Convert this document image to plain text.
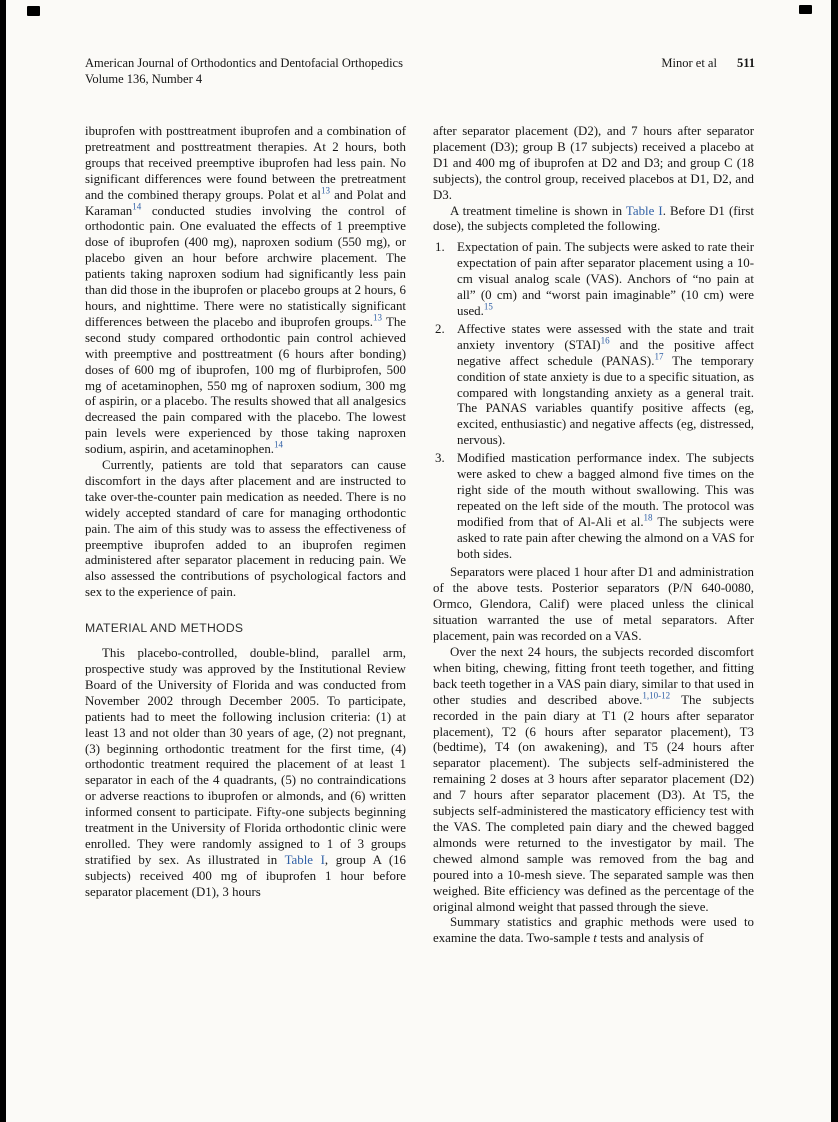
American Journal of Orthodontics and Dentofacial Orthopedics
Volume 136, Number 4
Minor et al 511

ibuprofen with posttreatment ibuprofen and a combination of pretreatment and posttreatment therapies. At 2 hours, both groups that received preemptive ibuprofen had less pain. No significant differences were found between the pretreatment and the combined therapy groups. Polat et al$^{13}$ and Polat and Karaman$^{14}$ conducted studies involving the control of orthodontic pain. One evaluated the effects of 1 preemptive dose of ibuprofen (400 mg), naproxen sodium (550 mg), or placebo given an hour before archwire placement. The patients taking naproxen sodium had significantly less pain than did those in the ibuprofen or placebo groups at 2 hours, 6 hours, and nighttime. There were no statistically significant differences between the placebo and ibuprofen groups.$^{13}$ The second study compared orthodontic pain control achieved with preemptive and posttreatment (6 hours after bonding) doses of 600 mg of ibuprofen, 100 mg of flurbiprofen, 500 mg of acetaminophen, 550 mg of naproxen sodium, 300 mg of aspirin, or a placebo. The results showed that all analgesics decreased the pain compared with the placebo. The lowest pain levels were experienced by those taking naproxen sodium, aspirin, and acetaminophen.$^{14}$

Currently, patients are told that separators can cause discomfort in the days after placement and are instructed to take over-the-counter pain medication as needed. There is no widely accepted standard of care for managing orthodontic pain. The aim of this study was to assess the effectiveness of preemptive ibuprofen added to an ibuprofen regimen administered after separator placement in reducing pain. We also assessed the contributions of psychological factors and sex to the experience of pain.

MATERIAL AND METHODS

This placebo-controlled, double-blind, parallel arm, prospective study was approved by the Institutional Review Board of the University of Florida and was conducted from November 2002 through December 2005. To participate, patients had to meet the following inclusion criteria: (1) at least 13 and not older than 30 years of age, (2) not pregnant, (3) beginning orthodontic treatment for the first time, (4) orthodontic treatment required the placement of at least 1 separator in each of the 4 quadrants, (5) no contraindications or adverse reactions to ibuprofen or almonds, and (6) written informed consent to participate. Fifty-one subjects beginning treatment in the University of Florida orthodontic clinic were enrolled. They were randomly assigned to 1 of 3 groups stratified by sex. As illustrated in Table I, group A (16 subjects) received 400 mg of ibuprofen 1 hour before separator placement (D1), 3 hours

after separator placement (D2), and 7 hours after separator placement (D3); group B (17 subjects) received a placebo at D1 and 400 mg of ibuprofen at D2 and D3; and group C (18 subjects), the control group, received placebos at D1, D2, and D3.

A treatment timeline is shown in Table I. Before D1 (first dose), the subjects completed the following.

1. Expectation of pain. The subjects were asked to rate their expectation of pain after separator placement using a 10-cm visual analog scale (VAS). Anchors of “no pain at all” (0 cm) and “worst pain imaginable” (10 cm) were used.$^{15}$
2. Affective states were assessed with the state and trait anxiety inventory (STAI)$^{16}$ and the positive affect negative affect schedule (PANAS).$^{17}$ The temporary condition of state anxiety is due to a specific situation, as compared with longstanding anxiety as a general trait. The PANAS variables quantify positive affects (eg, excited, enthusiastic) and negative affects (eg, distressed, nervous).
3. Modified mastication performance index. The subjects were asked to chew a bagged almond five times on the right side of the mouth without swallowing. This was repeated on the left side of the mouth. The protocol was modified from that of Al-Ali et al.$^{18}$ The subjects were asked to rate pain after chewing the almond on a VAS for both sides.

Separators were placed 1 hour after D1 and administration of the above tests. Posterior separators (P/N 640-0080, Ormco, Glendora, Calif) were placed unless the clinical situation warranted the use of metal separators. After placement, pain was recorded on a VAS.

Over the next 24 hours, the subjects recorded discomfort when biting, chewing, fitting front teeth together, and fitting back teeth together in a VAS pain diary, similar to that used in other studies and described above.$^{1,10-12}$ The subjects recorded in the pain diary at T1 (2 hours after separator placement), T2 (6 hours after separator placement), T3 (bedtime), T4 (on awakening), and T5 (24 hours after separator placement). The subjects self-administered the remaining 2 doses at 3 hours after separator placement (D2) and 7 hours after separator placement (D3). At T5, the subjects self-administered the masticatory efficiency test with the VAS. The completed pain diary and the chewed bagged almonds were returned to the investigator by mail. The chewed almond sample was removed from the bag and poured into a 10-mesh sieve. The separated sample was then weighed. Bite efficiency was defined as the percentage of the original almond weight that passed through the sieve.

Summary statistics and graphic methods were used to examine the data. Two-sample t tests and analysis of
